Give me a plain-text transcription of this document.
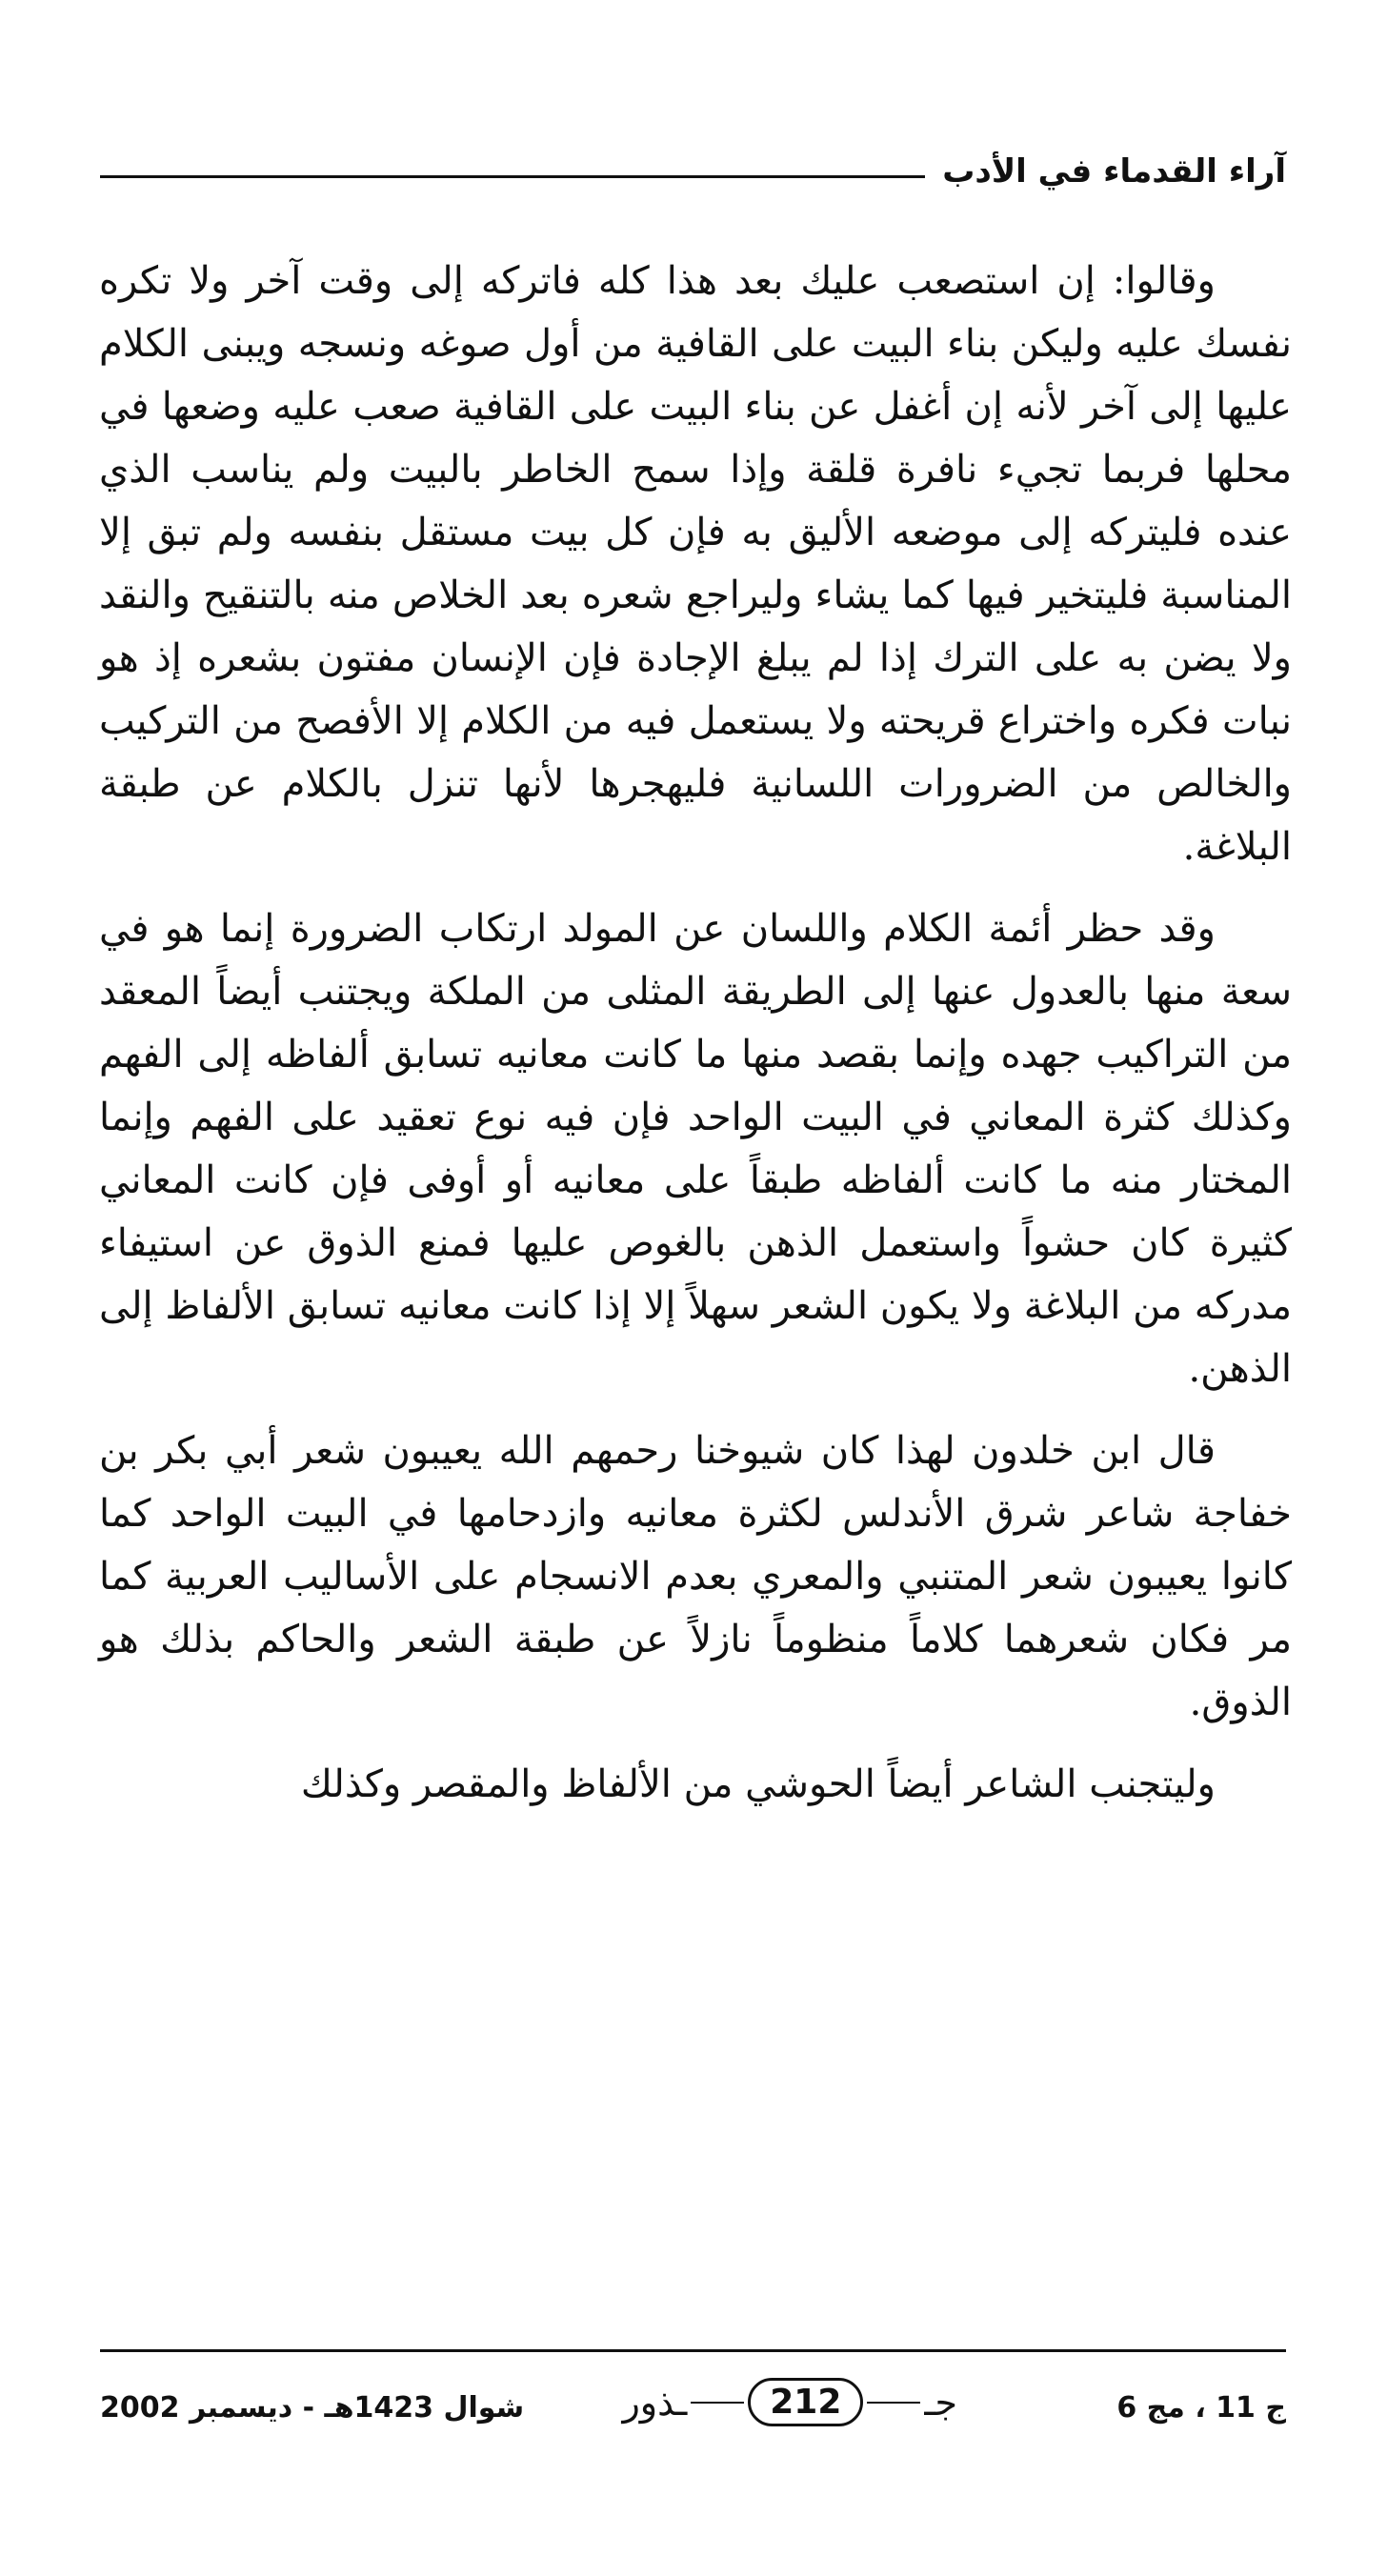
آراء القدماء في الأدب

وقالوا: إن استصعب عليك بعد هذا كله فاتركه إلى وقت آخر ولا تكره نفسك عليه وليكن بناء البيت على القافية من أول صوغه ونسجه ويبنى الكلام عليها إلى آخر لأنه إن أغفل عن بناء البيت على القافية صعب عليه وضعها في محلها فربما تجيء نافرة قلقة وإذا سمح الخاطر بالبيت ولم يناسب الذي عنده فليتركه إلى موضعه الأليق به فإن كل بيت مستقل بنفسه ولم تبق إلا المناسبة فليتخير فيها كما يشاء وليراجع شعره بعد الخلاص منه بالتنقيح والنقد ولا يضن به على الترك إذا لم يبلغ الإجادة فإن الإنسان مفتون بشعره إذ هو نبات فكره واختراع قريحته ولا يستعمل فيه من الكلام إلا الأفصح من التركيب والخالص من الضرورات اللسانية فليهجرها لأنها تنزل بالكلام عن طبقة البلاغة.

وقد حظر أئمة الكلام واللسان عن المولد ارتكاب الضرورة إنما هو في سعة منها بالعدول عنها إلى الطريقة المثلى من الملكة ويجتنب أيضاً المعقد من التراكيب جهده وإنما بقصد منها ما كانت معانيه تسابق ألفاظه إلى الفهم وكذلك كثرة المعاني في البيت الواحد فإن فيه نوع تعقيد على الفهم وإنما المختار منه ما كانت ألفاظه طبقاً على معانيه أو أوفى فإن كانت المعاني كثيرة كان حشواً واستعمل الذهن بالغوص عليها فمنع الذوق عن استيفاء مدركه من البلاغة ولا يكون الشعر سهلاً إلا إذا كانت معانيه تسابق الألفاظ إلى الذهن.

قال ابن خلدون لهذا كان شيوخنا رحمهم الله يعيبون شعر أبي بكر بن خفاجة شاعر شرق الأندلس لكثرة معانيه وازدحامها في البيت الواحد كما كانوا يعيبون شعر المتنبي والمعري بعدم الانسجام على الأساليب العربية كما مر فكان شعرهما كلاماً منظوماً نازلاً عن طبقة الشعر والحاكم بذلك هو الذوق.

وليتجنب الشاعر أيضاً الحوشي من الألفاظ والمقصر وكذلك

ج 11 ، مج 6
جـ
212
ـذور
شوال 1423هـ - ديسمبر 2002
